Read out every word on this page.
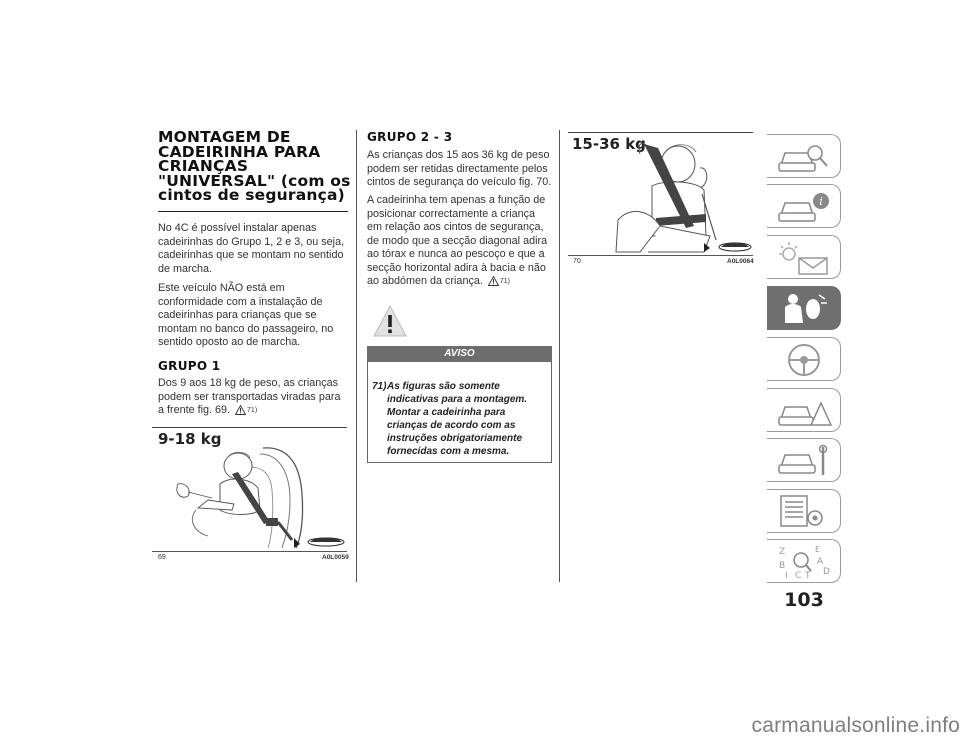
MONTAGEM DE CADEIRINHA PARA CRIANÇAS "UNIVERSAL" (com os cintos de segurança)

No 4C é possível instalar apenas cadeirinhas do Grupo 1, 2 e 3, ou seja, cadeirinhas que se montam no sentido de marcha.

Este veículo NÃO está em conformidade com a instalação de cadeirinhas para crianças que se montam no banco do passageiro, no sentido oposto ao de marcha.

GRUPO 1

Dos 9 aos 18 kg de peso, as crianças podem ser transportadas viradas para a frente fig. 69. 71)

9-18 kg
69	A0L0059
GRUPO 2 - 3

As crianças dos 15 aos 36 kg de peso podem ser retidas directamente pelos cintos de segurança do veículo fig. 70.

A cadeirinha tem apenas a função de posicionar correctamente a criança em relação aos cintos de segurança, de modo que a secção diagonal adira ao tórax e nunca ao pescoço e que a secção horizontal adira à bacia e não ao abdómen da criança. 71)

AVISO
71) As figuras são somente indicativas para a montagem. Montar a cadeirinha para crianças de acordo com as instruções obrigatoriamente fornecidas com a mesma.
15-36 kg
70	A0L0064
i
Z	E
B	A
I C T D
103
carmanualsonline.info
